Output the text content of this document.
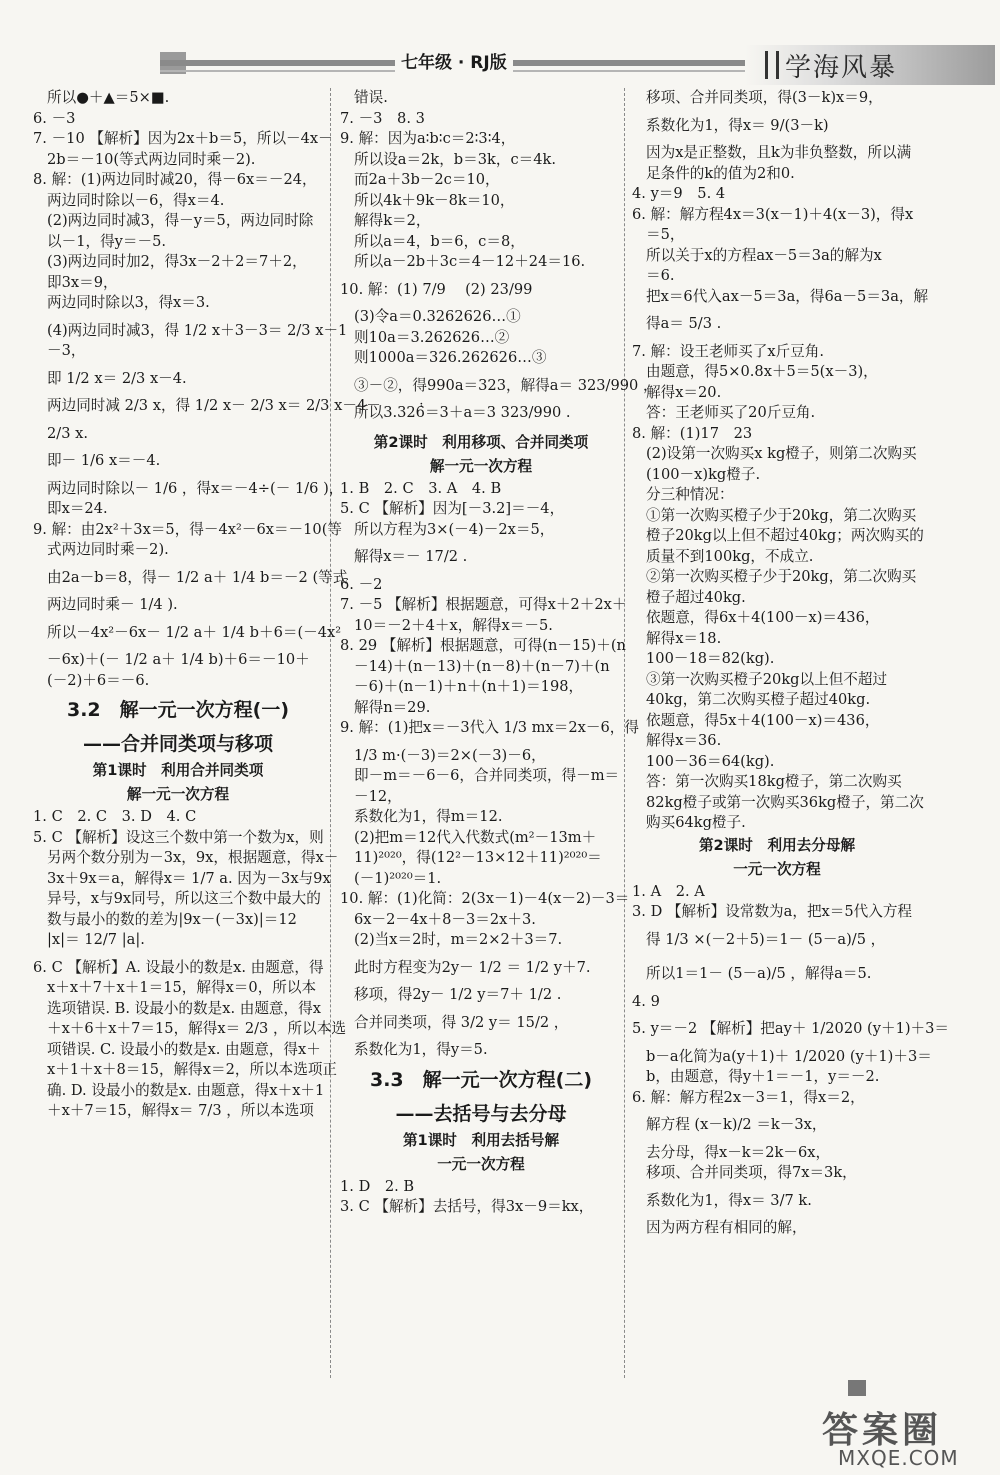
七年级 · RJ版	学海风暴
所以●＋▲＝5×■.
6. －3
7. －10 【解析】因为2x＋b＝5，所以－4x－
2b＝－10(等式两边同时乘－2).
8. 解：(1)两边同时减20，得－6x＝－24，
两边同时除以－6，得x＝4.
(2)两边同时减3，得－y＝5，两边同时除
以－1，得y＝－5.
(3)两边同时加2，得3x－2＋2＝7＋2，
即3x＝9，
两边同时除以3，得x＝3.
(4)两边同时减3，得 1/2 x＋3－3＝ 2/3 x－1
－3，
即 1/2 x＝ 2/3 x－4.
两边同时减 2/3 x，得 1/2 x－ 2/3 x＝ 2/3 x－4－
2/3 x.
即－ 1/6 x＝－4.
两边同时除以－ 1/6 ，得x＝－4÷(－ 1/6 )，
即x＝24.
9. 解：由2x²＋3x＝5，得－4x²－6x＝－10(等
式两边同时乘－2).
由2a－b＝8，得－ 1/2 a＋ 1/4 b＝－2 (等式
两边同时乘－ 1/4 ).
所以－4x²－6x－ 1/2 a＋ 1/4 b＋6＝(－4x²
－6x)＋(－ 1/2 a＋ 1/4 b)＋6＝－10＋
(－2)＋6＝－6.
3.2　解一元一次方程(一)
——合并同类项与移项
第1课时　利用合并同类项
解一元一次方程
1. C　2. C　3. D　4. C
5. C 【解析】设这三个数中第一个数为x，则
另两个数分别为－3x，9x，根据题意，得x－
3x＋9x＝a，解得x＝ 1/7 a. 因为－3x与9x
异号，x与9x同号，所以这三个数中最大的
数与最小的数的差为|9x－(－3x)|＝12
|x|＝ 12/7 |a|.
6. C 【解析】A. 设最小的数是x. 由题意，得
x＋x＋7＋x＋1＝15，解得x＝0，所以本
选项错误. B. 设最小的数是x. 由题意，得x
＋x＋6＋x＋7＝15，解得x＝ 2/3 ，所以本选
项错误. C. 设最小的数是x. 由题意，得x＋
x＋1＋x＋8＝15，解得x＝2，所以本选项正
确. D. 设最小的数是x. 由题意，得x＋x＋1
＋x＋7＝15，解得x＝ 7/3 ，所以本选项
错误.
7. －3　8. 3
9. 解：因为a∶b∶c＝2∶3∶4，
所以设a＝2k，b＝3k，c＝4k.
而2a＋3b－2c＝10，
所以4k＋9k－8k＝10，
解得k＝2，
所以a＝4，b＝6，c＝8，
所以a－2b＋3c＝4－12＋24＝16.
10. 解：(1) 7/9 　(2) 23/99
(3)令a＝0.3262626…①
则10a＝3.262626…②
则1000a＝326.262626…③
③－②，得990a＝323，解得a＝ 323/990 ，
所以3.326̇̇＝3＋a＝3 323/990 .
第2课时　利用移项、合并同类项
解一元一次方程
1. B　2. C　3. A　4. B
5. C 【解析】因为[－3.2]＝－4，
所以方程为3×(－4)－2x＝5，
解得x＝－ 17/2 .
6. －2
7. －5 【解析】根据题意，可得x＋2＋2x＋
10＝－2＋4＋x，解得x＝－5.
8. 29 【解析】根据题意，可得(n－15)＋(n
－14)＋(n－13)＋(n－8)＋(n－7)＋(n
－6)＋(n－1)＋n＋(n＋1)＝198，
解得n＝29.
9. 解：(1)把x＝－3代入 1/3 mx＝2x－6，得
1/3 m·(－3)＝2×(－3)－6，
即－m＝－6－6，合并同类项，得－m＝
－12，
系数化为1，得m＝12.
(2)把m＝12代入代数式(m²－13m＋
11)²⁰²⁰，得(12²－13×12＋11)²⁰²⁰＝
(－1)²⁰²⁰＝1.
10. 解：(1)化简：2(3x－1)－4(x－2)－3＝
6x－2－4x＋8－3＝2x＋3.
(2)当x＝2时，m＝2×2＋3＝7.
此时方程变为2y－ 1/2 ＝ 1/2 y＋7.
移项，得2y－ 1/2 y＝7＋ 1/2 .
合并同类项，得 3/2 y＝ 15/2 ，
系数化为1，得y＝5.
3.3　解一元一次方程(二)
——去括号与去分母
第1课时　利用去括号解
一元一次方程
1. D　2. B
3. C 【解析】去括号，得3x－9＝kx，
移项、合并同类项，得(3－k)x＝9，
系数化为1，得x＝ 9/(3－k)
因为x是正整数，且k为非负整数，所以满
足条件的k的值为2和0.
4. y＝9　5. 4
6. 解：解方程4x＝3(x－1)＋4(x－3)，得x
＝5，
所以关于x的方程ax－5＝3a的解为x
＝6.
把x＝6代入ax－5＝3a，得6a－5＝3a，解
得a＝ 5/3 .
7. 解：设王老师买了x斤豆角.
由题意，得5×0.8x＋5＝5(x－3)，
解得x＝20.
答：王老师买了20斤豆角.
8. 解：(1)17　23
(2)设第一次购买x kg橙子，则第二次购买
(100－x)kg橙子.
分三种情况：
①第一次购买橙子少于20kg，第二次购买
橙子20kg以上但不超过40kg；两次购买的
质量不到100kg，不成立.
②第一次购买橙子少于20kg，第二次购买
橙子超过40kg.
依题意，得6x＋4(100－x)＝436，
解得x＝18.
100－18＝82(kg).
③第一次购买橙子20kg以上但不超过
40kg，第二次购买橙子超过40kg.
依题意，得5x＋4(100－x)＝436，
解得x＝36.
100－36＝64(kg).
答：第一次购买18kg橙子，第二次购买
82kg橙子或第一次购买36kg橙子，第二次
购买64kg橙子.
第2课时　利用去分母解
一元一次方程
1. A　2. A
3. D 【解析】设常数为a，把x＝5代入方程
得 1/3 ×(－2＋5)＝1－ (5－a)/5 ，
所以1＝1－ (5－a)/5 ，解得a＝5.
4. 9
5. y＝－2 【解析】把ay＋ 1/2020 (y＋1)＋3＝
b－a化简为a(y＋1)＋ 1/2020 (y＋1)＋3＝
b，由题意，得y＋1＝－1，y＝－2.
6. 解：解方程2x－3＝1，得x＝2，
解方程 (x－k)/2 ＝k－3x，
去分母，得x－k＝2k－6x，
移项、合并同类项，得7x＝3k，
系数化为1，得x＝ 3/7 k.
因为两方程有相同的解，
答案圈
MXQE.COM
